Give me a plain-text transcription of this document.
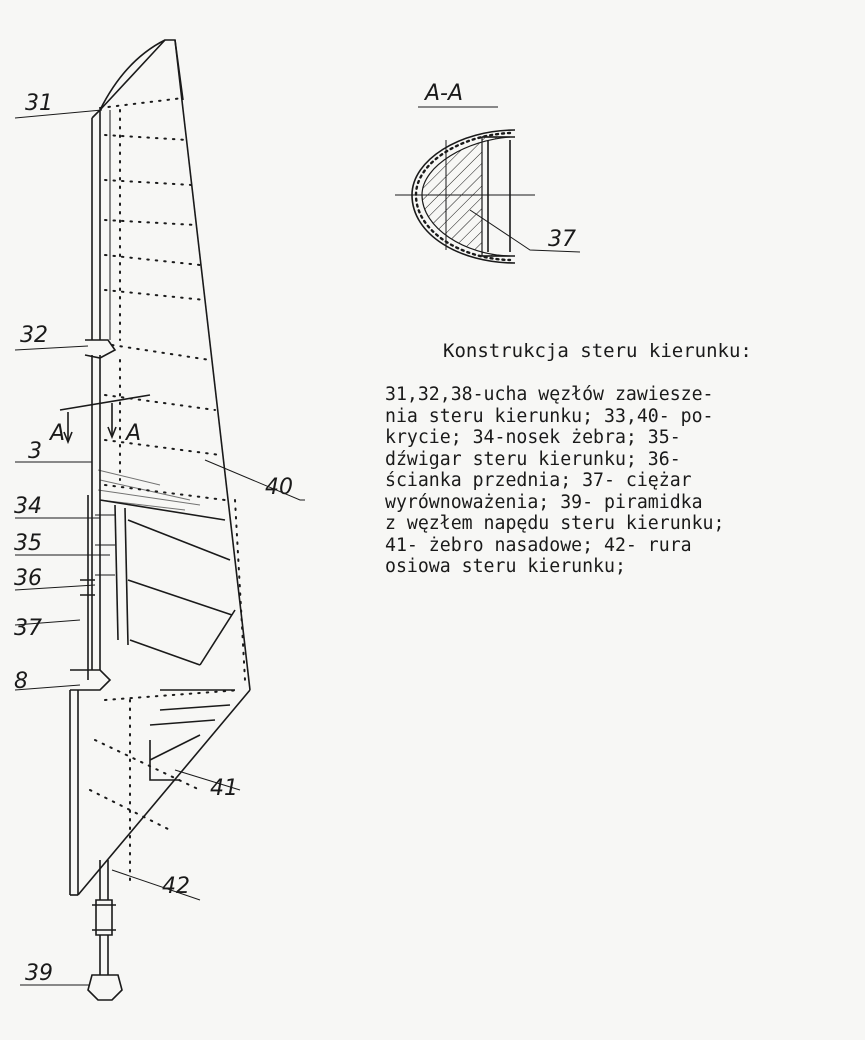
A	A
31
32
3
34
35
36
37
8
40
41
42
39
A-A
37
Konstrukcja steru kierunku:
31,32,38-ucha węzłów zawiesze-
nia steru kierunku; 33,40- po-
krycie; 34-nosek żebra; 35-
dźwigar steru kierunku; 36-
ścianka przednia; 37- ciężar
wyrównoważenia; 39- piramidka
z węzłem napędu steru kierunku;
41- żebro nasadowe; 42- rura
osiowa steru kierunku;
